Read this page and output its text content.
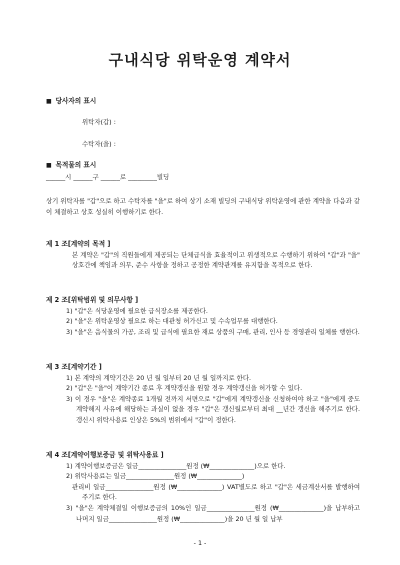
구내식당 위탁운영 계약서
■ 당사자의 표시
위탁자(갑) :
수탁자(을) :
■ 목적물의 표시
______시 ______구 ______로 _________빌딩
상기 위탁자를 "갑"으로 하고 수탁자를 "을"로 하여 상기 소재 빌딩의 구내식당 위탁운영에 관한 계약을 다음과 같이 체결하고 상호 성실히 이행하기로 한다.
제 1 조[계약의 목적 ]
본 계약은 "갑"의 직원들에게 제공되는 단체급식을 효율적이고 위생적으로 수행하기 위하여 "갑"과 "을" 상호간에 책임과 의무, 준수 사항을 정하고 공정한 계약관계를 유지함을 목적으로 한다.
제 2 조[위탁범위 및 의무사항 ]
1) "갑"은 식당운영에 필요한 급식장소를 제공한다.
2) "을"은 위탁운영상 필요로 하는 대관청 허가신고 및 수속업무를 대행한다.
3) "을"은 음식물의 가공, 조리 및 급식에 필요한 재료 상품의 구매, 관리, 인사 등 경영관리 일체를 행한다.
제 3 조[계약기간 ]
1) 본 계약의 계약기간은 20 년 월 일부터 20 년 월 일까지로 한다.
2) "갑"은 "을"이 계약기간 종료 후 계약갱신을 원할 경우 계약갱신을 허가할 수 있다.
3) 이 경우 "을"은 계약종료 1개월 전까지 서면으로 "갑"에게 계약갱신을 신청하여야 하고 "을"에게 중도계약해지 사유에 해당하는 과실이 없을 경우 "갑"은 갱신월로부터 최대 __년간 갱신을 해주기로 한다. 갱신시 위탁사용료 인상은 5%의 범위에서 "갑"이 정한다.
제 4 조[계약이행보증금 및 위탁사용료 ]
1) 계약이행보증금은 일금_______________원정 (₩______________)으로 한다.
2) 위탁사용료는 일금_______________원정 (₩______________)
관리비 일금_______________원정 (₩______________) VAT별도로 하고 "갑"은 세금계산서를 발행하여 주기로 한다.
3) "을"은 계약체결일 이행보증금의 10%인 일금_______________원정 (₩______________)을 납부하고 나머지 일금_______________원정 (₩______________)을 20 년 월 일 납부
- 1 -
